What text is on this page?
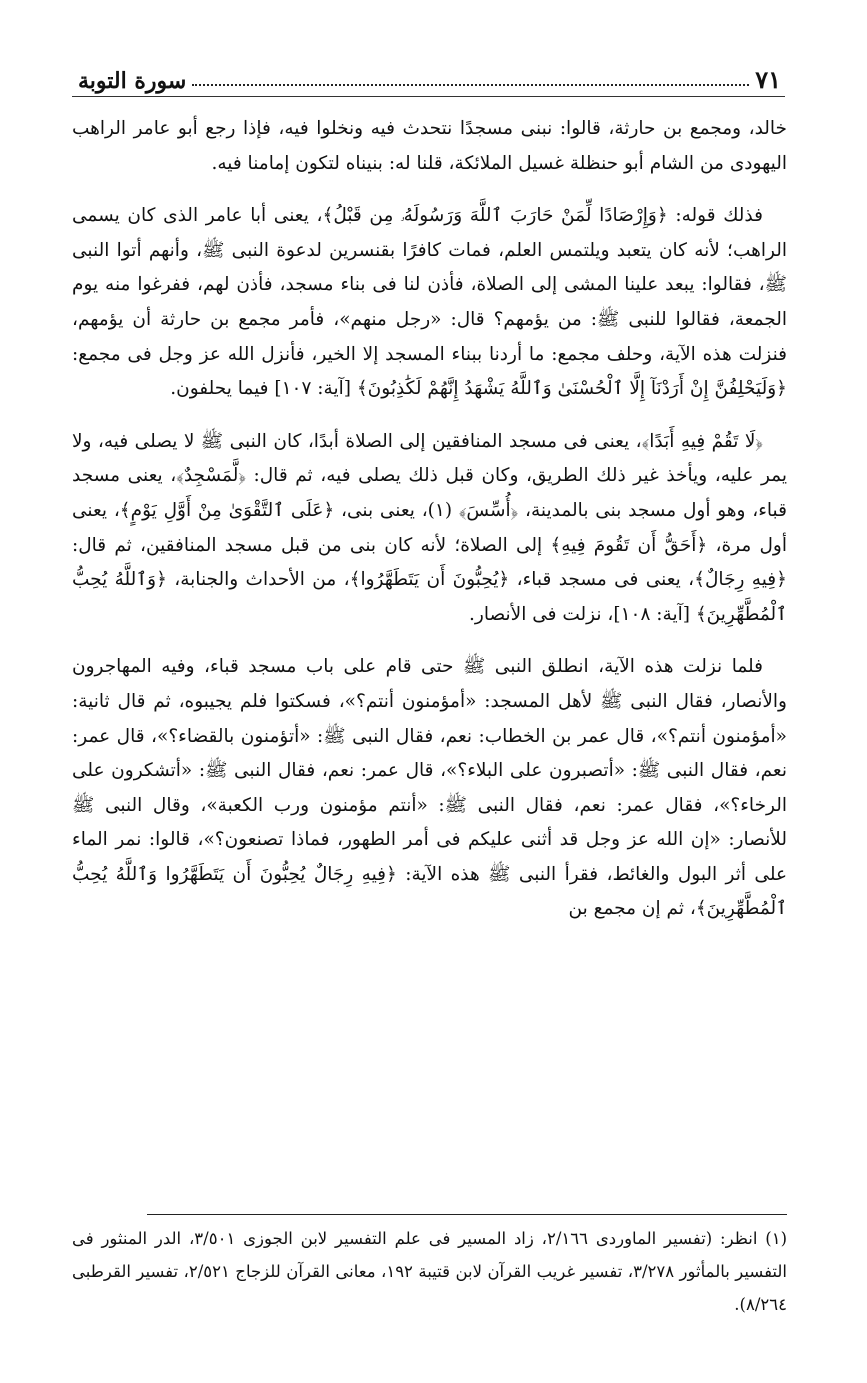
سورة التوبة	٧١

خالد، ومجمع بن حارثة، قالوا: نبنى مسجدًا نتحدث فيه ونخلوا فيه، فإذا رجع أبو عامر الراهب اليهودى من الشام أبو حنظلة غسيل الملائكة، قلنا له: بنيناه لتكون إمامنا فيه.

فذلك قوله: ﴿وَإِرْصَادًا لِّمَنْ حَارَبَ ٱللَّهَ وَرَسُولَهُۥ مِن قَبْلُ﴾، يعنى أبا عامر الذى كان يسمى الراهب؛ لأنه كان يتعبد ويلتمس العلم، فمات كافرًا بقنسرين لدعوة النبى ﷺ، وأنهم أتوا النبى ﷺ، فقالوا: يبعد علينا المشى إلى الصلاة، فأذن لنا فى بناء مسجد، فأذن لهم، ففرغوا منه يوم الجمعة، فقالوا للنبى ﷺ: من يؤمهم؟ قال: «رجل منهم»، فأمر مجمع بن حارثة أن يؤمهم، فنزلت هذه الآية، وحلف مجمع: ما أردنا ببناء المسجد إلا الخير، فأنزل الله عز وجل فى مجمع: ﴿وَلَيَحْلِفُنَّ إِنْ أَرَدْنَآ إِلَّا ٱلْحُسْنَىٰ وَٱللَّهُ يَشْهَدُ إِنَّهُمْ لَكَٰذِبُونَ﴾ [آية: ١٠٧] فيما يحلفون.

﴿لَا تَقُمْ فِيهِ أَبَدًا﴾، يعنى فى مسجد المنافقين إلى الصلاة أبدًا، كان النبى ﷺ لا يصلى فيه، ولا يمر عليه، ويأخذ غير ذلك الطريق، وكان قبل ذلك يصلى فيه، ثم قال: ﴿لَّمَسْجِدٌ﴾، يعنى مسجد قباء، وهو أول مسجد بنى بالمدينة، ﴿أُسِّسَ﴾ (١)، يعنى بنى، ﴿عَلَى ٱلتَّقْوَىٰ مِنْ أَوَّلِ يَوْمٍ﴾، يعنى أول مرة، ﴿أَحَقُّ أَن تَقُومَ فِيهِ﴾ إلى الصلاة؛ لأنه كان بنى من قبل مسجد المنافقين، ثم قال: ﴿فِيهِ رِجَالٌ﴾، يعنى فى مسجد قباء، ﴿يُحِبُّونَ أَن يَتَطَهَّرُوا﴾، من الأحداث والجنابة، ﴿وَٱللَّهُ يُحِبُّ ٱلْمُطَّهِّرِينَ﴾ [آية: ١٠٨]، نزلت فى الأنصار.

فلما نزلت هذه الآية، انطلق النبى ﷺ حتى قام على باب مسجد قباء، وفيه المهاجرون والأنصار، فقال النبى ﷺ لأهل المسجد: «أمؤمنون أنتم؟»، فسكتوا فلم يجيبوه، ثم قال ثانية: «أمؤمنون أنتم؟»، قال عمر بن الخطاب: نعم، فقال النبى ﷺ: «أتؤمنون بالقضاء؟»، قال عمر: نعم، فقال النبى ﷺ: «أتصبرون على البلاء؟»، قال عمر: نعم، فقال النبى ﷺ: «أتشكرون على الرخاء؟»، فقال عمر: نعم، فقال النبى ﷺ: «أنتم مؤمنون ورب الكعبة»، وقال النبى ﷺ للأنصار: «إن الله عز وجل قد أثنى عليكم فى أمر الطهور، فماذا تصنعون؟»، قالوا: نمر الماء على أثر البول والغائط، فقرأ النبى ﷺ هذه الآية: ﴿فِيهِ رِجَالٌ يُحِبُّونَ أَن يَتَطَهَّرُوا وَٱللَّهُ يُحِبُّ ٱلْمُطَّهِّرِينَ﴾، ثم إن مجمع بن

(١) انظر: (تفسير الماوردى ٢/١٦٦، زاد المسير فى علم التفسير لابن الجوزى ٣/٥٠١، الدر المنثور فى التفسير بالمأثور ٣/٢٧٨، تفسير غريب القرآن لابن قتيبة ١٩٢، معانى القرآن للزجاج ٢/٥٢١، تفسير القرطبى ٨/٢٦٤).
